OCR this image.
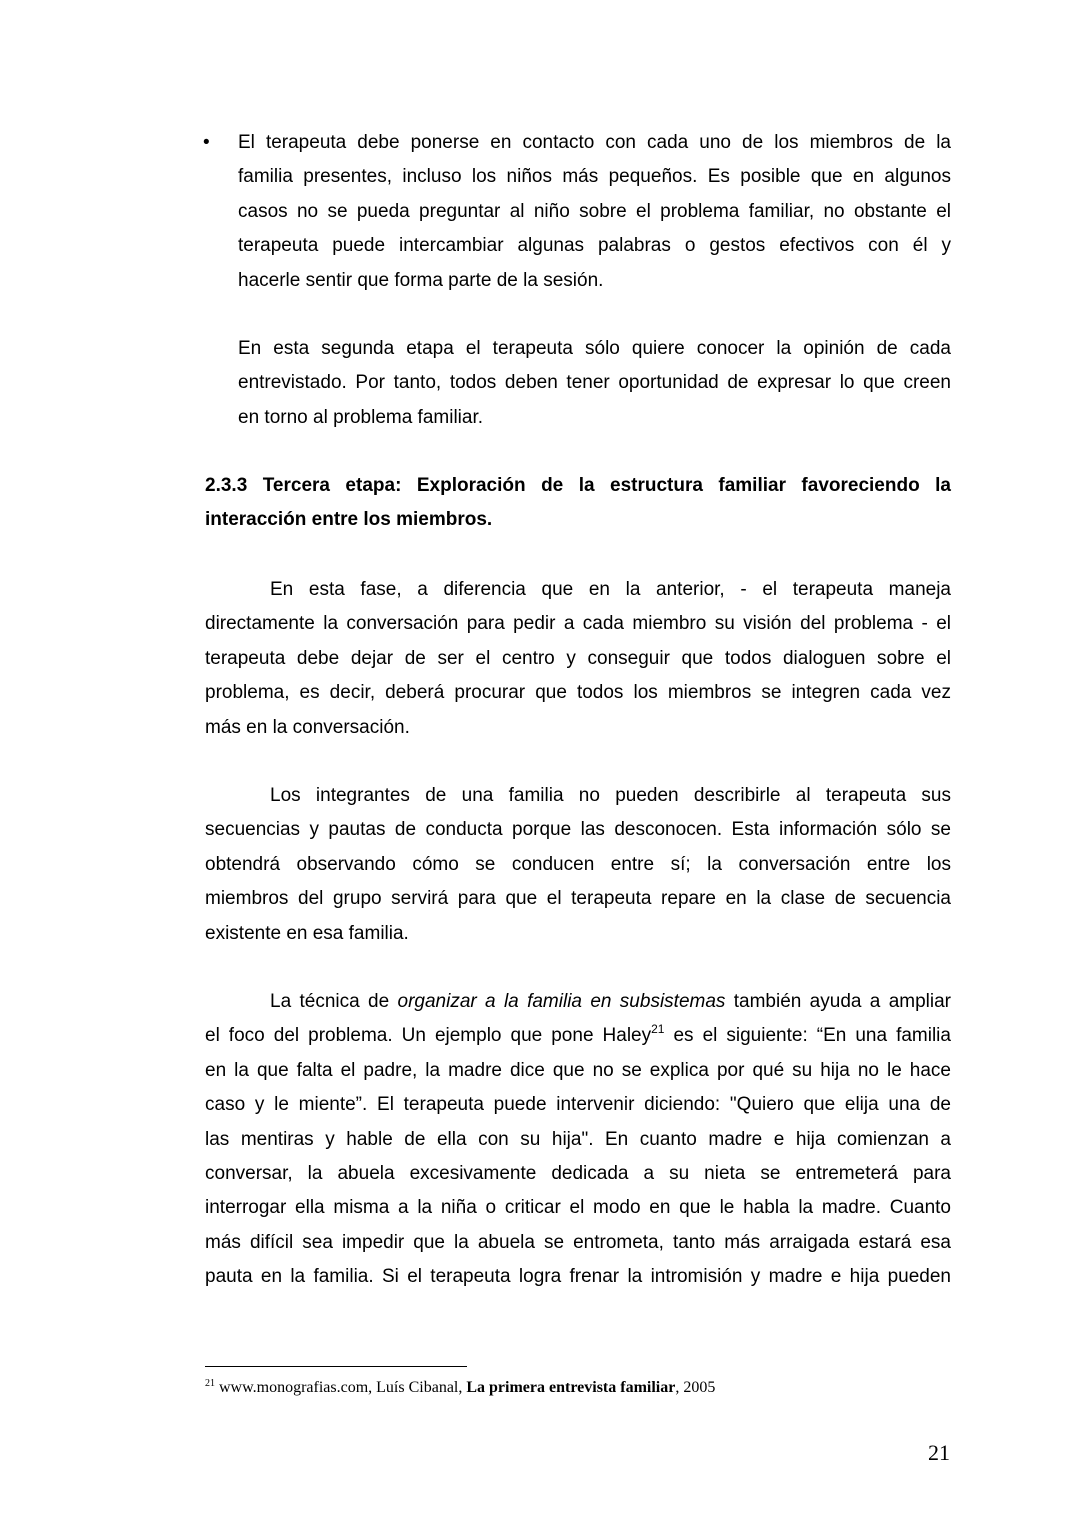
• El terapeuta debe ponerse en contacto con cada uno de los miembros de la
familia presentes, incluso los niños más pequeños. Es posible que en algunos
casos no se pueda preguntar al niño sobre el problema familiar, no obstante el
terapeuta puede intercambiar algunas palabras o gestos efectivos con él y
hacerle sentir que forma parte de la sesión.
En esta segunda etapa el terapeuta sólo quiere conocer la opinión de cada
entrevistado. Por tanto, todos deben tener oportunidad de expresar lo que creen
en torno al problema familiar.
2.3.3 Tercera etapa: Exploración de la estructura familiar favoreciendo la
interacción entre los miembros.
En esta fase, a diferencia que en la anterior, - el terapeuta maneja
directamente la conversación para pedir a cada miembro su visión del problema - el
terapeuta debe dejar de ser el centro y conseguir que todos dialoguen sobre el
problema, es decir, deberá procurar que todos los miembros se integren cada vez
más en la conversación.
Los integrantes de una familia no pueden describirle al terapeuta sus
secuencias y pautas de conducta porque las desconocen. Esta información sólo se
obtendrá observando cómo se conducen entre sí; la conversación entre los
miembros del grupo servirá para que el terapeuta repare en la clase de secuencia
existente en esa familia.
La técnica de organizar a la familia en subsistemas también ayuda a ampliar
el foco del problema. Un ejemplo que pone Haley$^{21}$ es el siguiente: “En una familia
en la que falta el padre, la madre dice que no se explica por qué su hija no le hace
caso y le miente”. El terapeuta puede intervenir diciendo: "Quiero que elija una de
las mentiras y hable de ella con su hija". En cuanto madre e hija comienzan a
conversar, la abuela excesivamente dedicada a su nieta se entremeterá para
interrogar ella misma a la niña o criticar el modo en que le habla la madre. Cuanto
más difícil sea impedir que la abuela se entrometa, tanto más arraigada estará esa
pauta en la familia. Si el terapeuta logra frenar la intromisión y madre e hija pueden
$^{21}$ www.monografias.com, Luís Cibanal, La primera entrevista familiar, 2005
21
